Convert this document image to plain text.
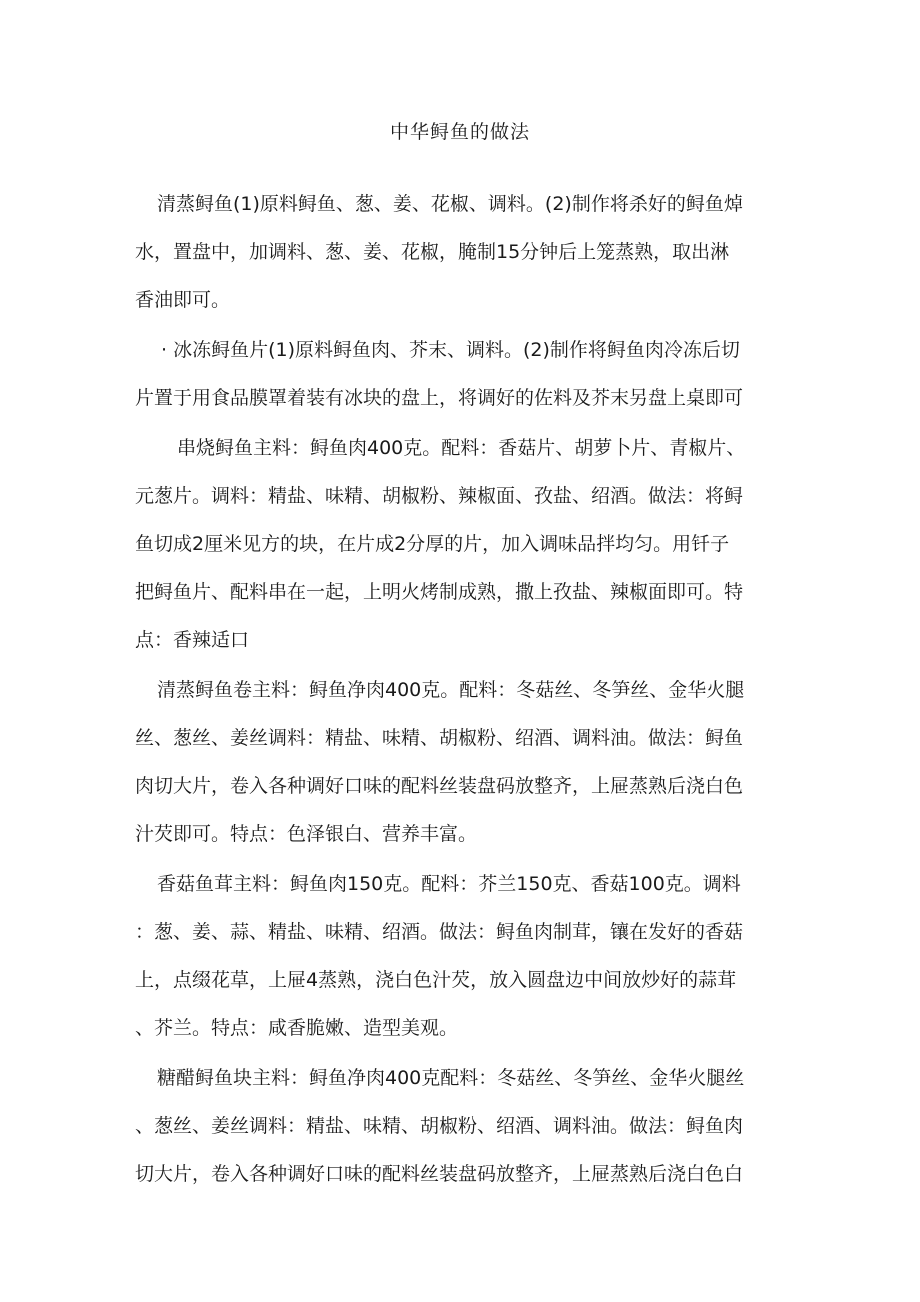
中华鲟鱼的做法
清蒸鲟鱼(1)原料鲟鱼、葱、姜、花椒、调料。(2)制作将杀好的鲟鱼焯
水，置盘中，加调料、葱、姜、花椒，腌制15分钟后上笼蒸熟，取出淋
香油即可。
· 冰冻鲟鱼片(1)原料鲟鱼肉、芥末、调料。(2)制作将鲟鱼肉冷冻后切
片置于用食品膜罩着装有冰块的盘上，将调好的佐料及芥末另盘上桌即可
串烧鲟鱼主料：鲟鱼肉400克。配料：香菇片、胡萝卜片、青椒片、
元葱片。调料：精盐、味精、胡椒粉、辣椒面、孜盐、绍酒。做法：将鲟
鱼切成2厘米见方的块，在片成2分厚的片，加入调味品拌均匀。用钎子
把鲟鱼片、配料串在一起，上明火烤制成熟，撒上孜盐、辣椒面即可。特
点：香辣适口
清蒸鲟鱼卷主料：鲟鱼净肉400克。配料：冬菇丝、冬笋丝、金华火腿
丝、葱丝、姜丝调料：精盐、味精、胡椒粉、绍酒、调料油。做法：鲟鱼
肉切大片，卷入各种调好口味的配料丝装盘码放整齐，上屉蒸熟后浇白色
汁芡即可。特点：色泽银白、营养丰富。
香菇鱼茸主料：鲟鱼肉150克。配料：芥兰150克、香菇100克。调料
：葱、姜、蒜、精盐、味精、绍酒。做法：鲟鱼肉制茸，镶在发好的香菇
上，点缀花草，上屉4蒸熟，浇白色汁芡，放入圆盘边中间放炒好的蒜茸
、芥兰。特点：咸香脆嫩、造型美观。
糖醋鲟鱼块主料：鲟鱼净肉400克配料：冬菇丝、冬笋丝、金华火腿丝
、葱丝、姜丝调料：精盐、味精、胡椒粉、绍酒、调料油。做法：鲟鱼肉
切大片，卷入各种调好口味的配料丝装盘码放整齐，上屉蒸熟后浇白色白
